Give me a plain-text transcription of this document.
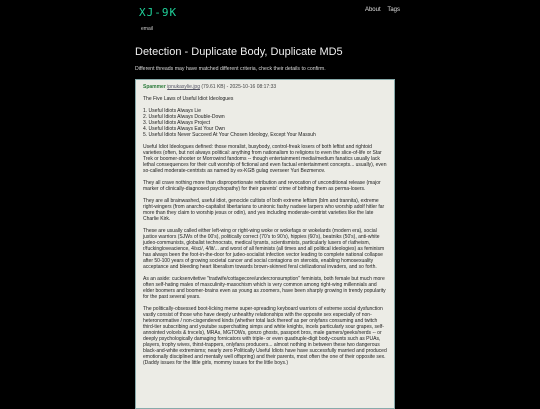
XJ-9K
email
About Tags
Detection - Duplicate Body, Duplicate MD5
Different threads may have matched different criteria, check their details to confirm.
Spammer ipnukasylie.jpg (79.61 KB) - 2025-10-16 08:17:33

The Five Laws of Useful Idiot Ideologues

1. Useful Idiots Always Lie
2. Useful Idiots Always Double-Down
3. Useful Idiots Always Project
4. Useful Idiots Always Eat Your Own
5. Useful Idiots Never Succeed At Your Chosen Ideology, Except Your Massuh

Useful Idiot Ideologues defined: those moralist, busybody, control-freak losers of both leftist and rightoid varieties (often, but not always political: anything from nationalism to religions to even the slice-of-life or Star Trek or boomer-shooter or Morrowind fandoms -- though entertainment media/medium fanatics usually lack lethal consequences for their cult worship of fictional and even factual entertainment concepts... usually), even so-called moderate-centrists as named by ex-KGB gulag overseer Yuri Bezmenov.

They all crave nothing more than disproportionate retribution and revocation of unconditional release (major marker of clinically-diagnosed psychopathy) for their parents' crime of birthing them as perma-losers.

They are all brainwashed, useful idiot, genocide cultists of both extreme leftism (blm and trannita), extreme right-wingers (from anarcho-capitalist libertarians to unironic fashy nadsee larpers who worship adolf hitler far more than they claim to worship jesus or odin), and yes including moderate-centrist varieties like the late Charlie Kirk.

These are usually called either left-wing or right-wing woke or wokefags or wokelards (modern era), social justice warriors (SJWs of the 00's), politically correct (70's to 90's), hippies (60's), beatniks (50's), anti-white judeo-communists, globalist technocrats, medical tyrants, scientismists, particularly lusers of r/atheism, r/fuckingloveacience, 4/sci/, 4/lit/... and worst of all feminists (all times and all political ideologies) as feminism has always been the foot-in-the-door for judeo-socialist infection vector leading to complete national collapse after 50-100 years of growing societal cancer and social contagions on steroids, enabling homosexuality acceptance and bleeding heart liberalism towards brown-skinned feral civilizational invaders, and so forth.

As an aside: cucksenvitetive "tradwife/cottagecore/undercronsumption" feminists, both female but much more often self-hating males of masculinity-masochism which is very common among right-wing millennials and elder boomers and boomer-brains even as young as zoomers, have been sharply growing in trendy popularity for the past several years.

The politically-obsessed boot-licking meme super-spreading keyboard warriors of extreme social dysfunction vastly consist of those who have deeply unhealthy relationships with the opposite sex especially of non-heteronormative / non-cisgendered kinds (whether total lack thereof as per onlyfans consuming and twitch third-tier subscribing and youtube superchatting simps and white knights, incels particularly sour grapes, self-annointed volcels & trvcels), MRAs, MGTOWs, gonzo ghosts, passport bros, male gamers/geeks/nerds -- or deeply psychologically damaging fornicators with triple- or even quadruple-digit body-counts such as PUAs, players, trophy wives, thirst-trappers, onlyfans producers... almost nothing in between these two dangerous black-and-white extremisms; nearly zero Politically Useful Idiots have have successfully married and produced emotionally disciplined and mentally well offspring) and their parents, most often the one of their opposite sex. (Daddy issues for the little girls, mommy issues for the little boys.)
